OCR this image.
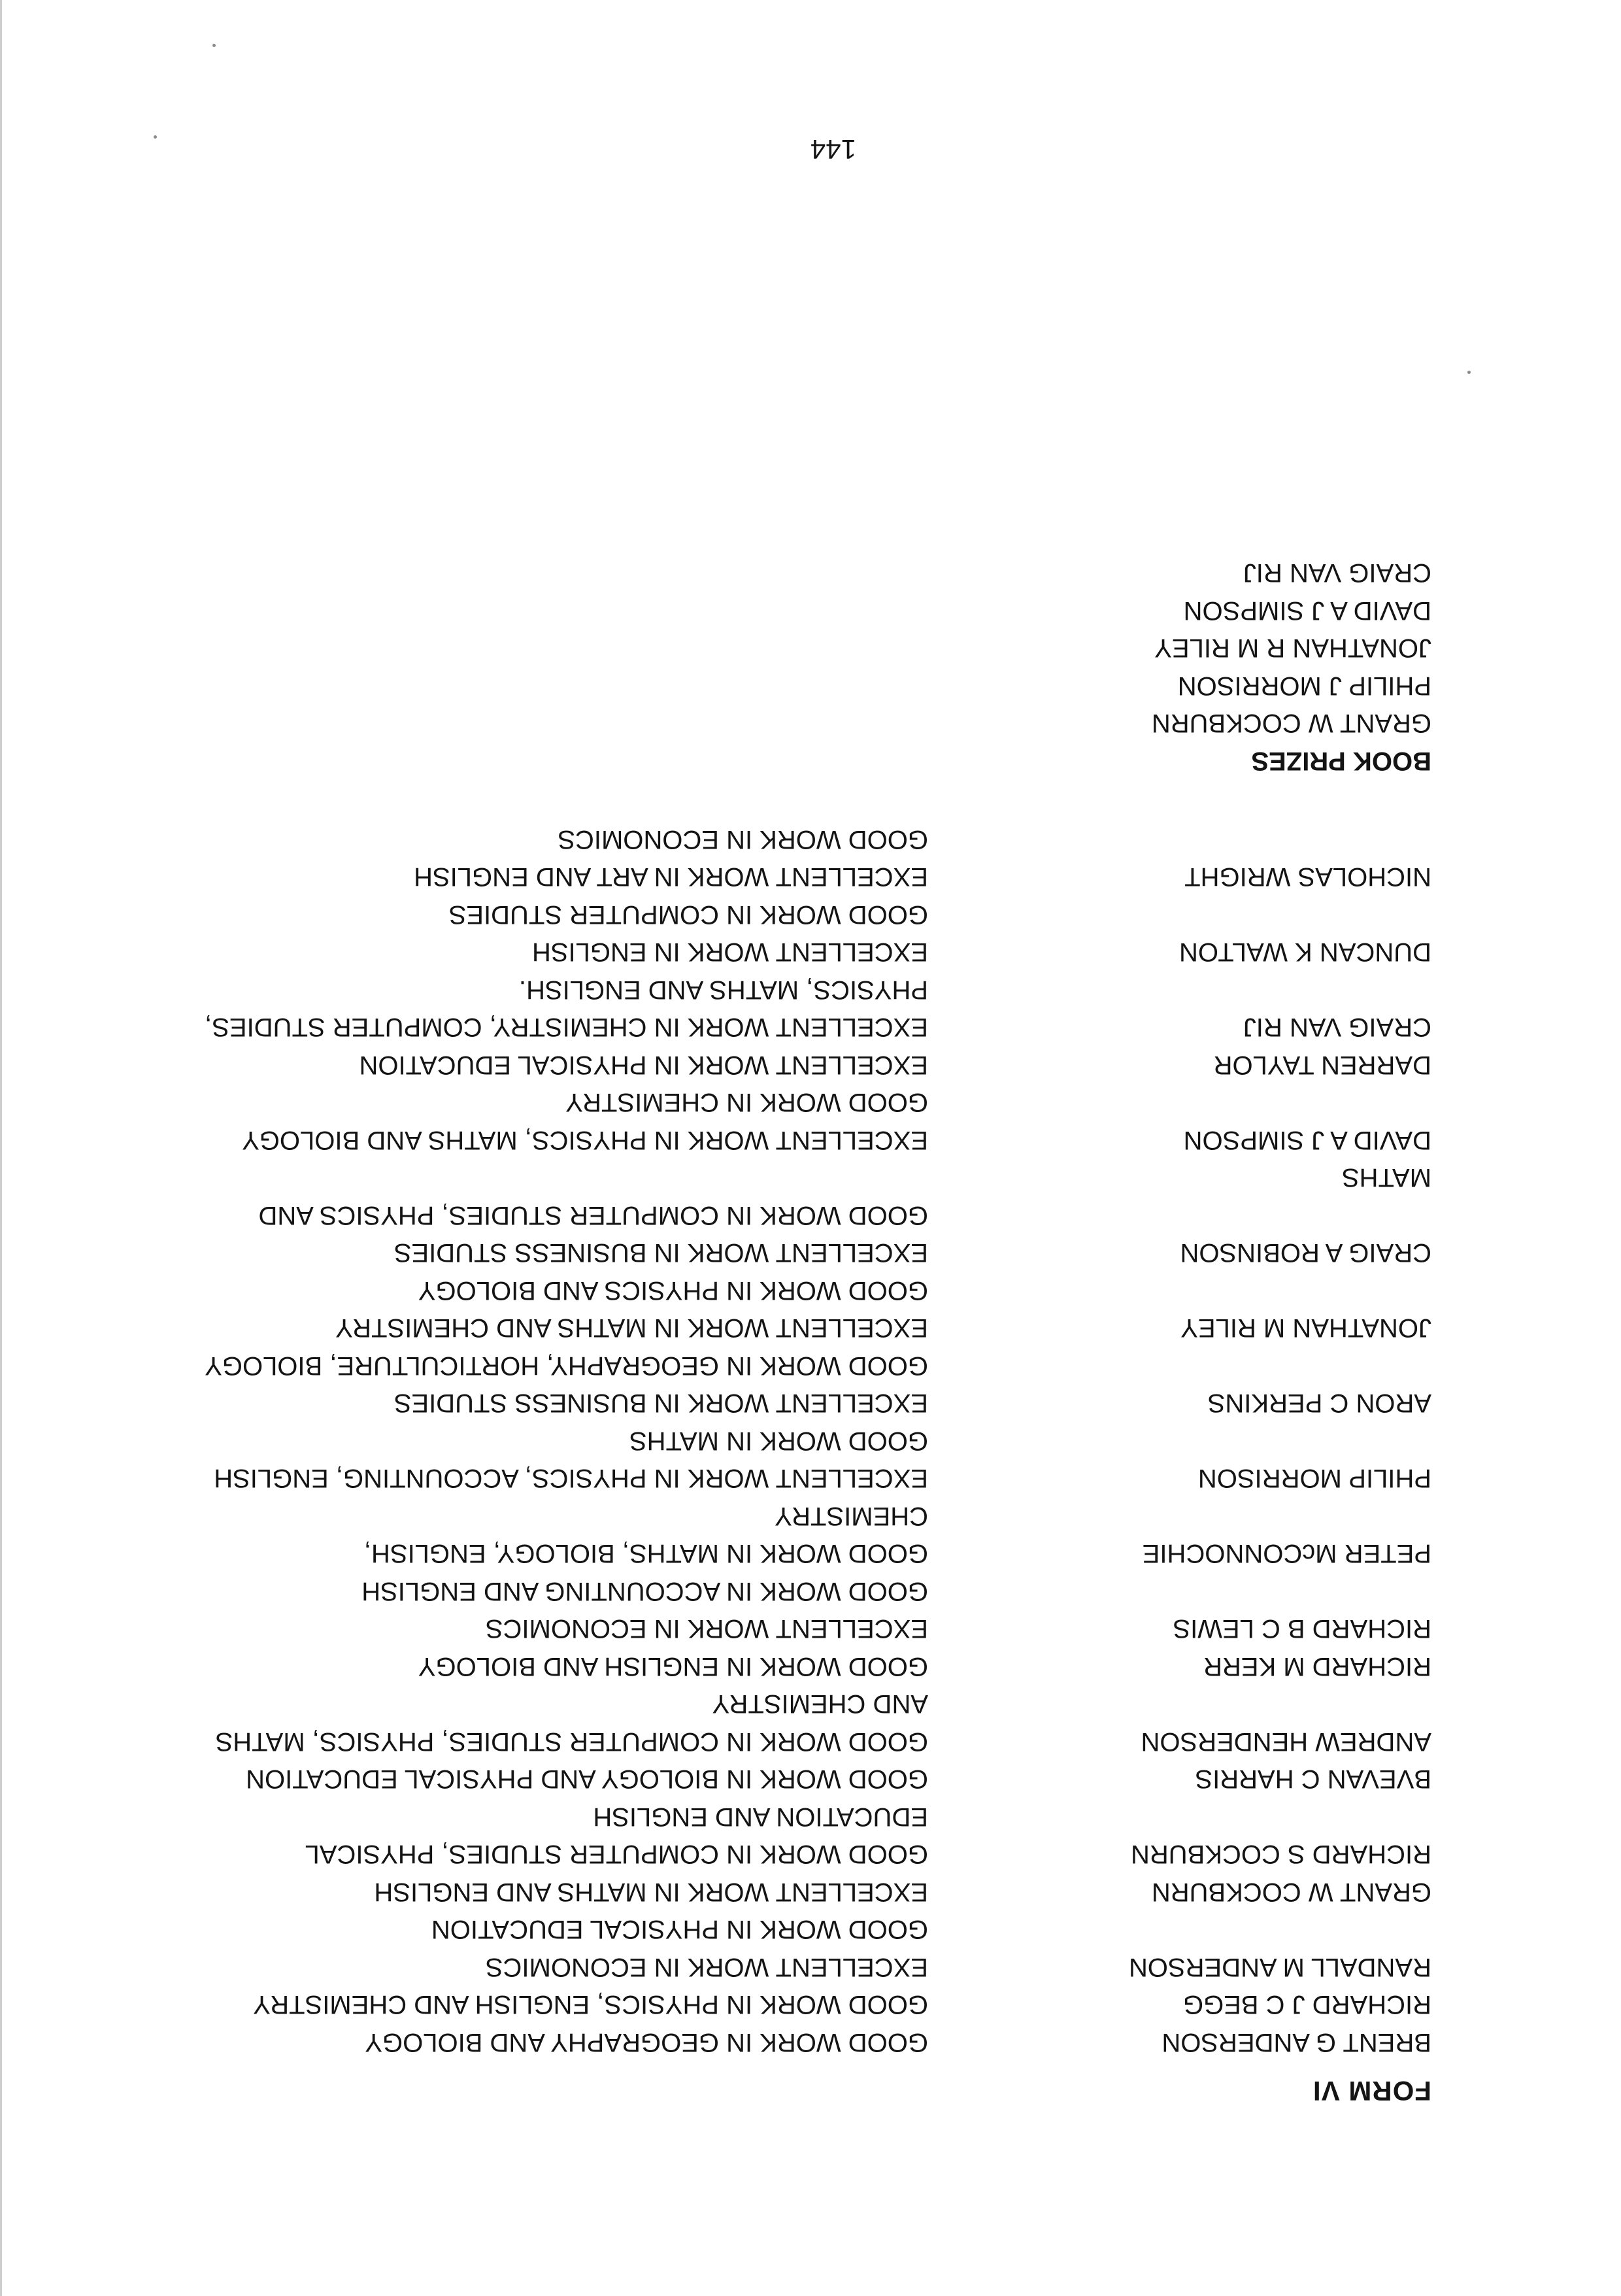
FORM VI
BRENT G ANDERSON
GOOD WORK IN GEOGRAPHY AND BIOLOGY
RICHARD J C BEGG
GOOD WORK IN PHYSICS, ENGLISH AND CHEMISTRY
RANDALL M ANDERSON
EXCELLENT WORK IN ECONOMICS

GOOD WORK IN PHYSICAL EDUCATION
GRANT W COCKBURN
EXCELLENT WORK IN MATHS AND ENGLISH
RICHARD S COCKBURN
GOOD WORK IN COMPUTER STUDIES, PHYSICAL
EDUCATION AND ENGLISH
BVEVAN C HARRIS
GOOD WORK IN BIOLOGY AND PHYSICAL EDUCATION
ANDREW HENDERSON
GOOD WORK IN COMPUTER STUDIES, PHYSICS, MATHS
AND CHEMISTRY
RICHARD M KERR
GOOD WORK IN ENGLISH AND BIOLOGY
RICHARD B C LEWIS
EXCELLENT WORK IN ECONOMICS
GOOD WORK IN ACCOUNTING AND ENGLISH
PETER McCONNOCHIE
GOOD WORK IN MATHS, BIOLOGY, ENGLISH,
CHEMISTRY
PHILIP MORRISON
EXCELLENT WORK IN PHYSICS, ACCOUNTING, ENGLISH
GOOD WORK IN MATHS
ARON C PERKINS
EXCELLENT WORK IN BUSINESS STUDIES
GOOD WORK IN GEOGRAPHY, HORTICULTURE, BIOLOGY
JONATHAN M RILEY
EXCELLENT WORK IN MATHS AND CHEMISTRY
GOOD WORK IN PHYSICS AND BIOLOGY
CRAIG A ROBINSON
EXCELLENT WORK IN BUSINESS STUDIES
GOOD WORK IN COMPUTER STUDIES, PHYSICS AND
MATHS
DAVID A J SIMPSON

EXCELLENT WORK IN PHYSICS, MATHS AND BIOLOGY
GOOD WORK IN CHEMISTRY
DARREN TAYLOR
CRAIG VAN RIJ
EXCELLENT WORK IN PHYSICAL EDUCATION
EXCELLENT WORK IN CHEMISTRY, COMPUTER STUDIES,
PHYSICS, MATHS AND ENGLISH.
DUNCAN K WALTON
EXCELLENT WORK IN ENGLISH
GOOD WORK IN COMPUTER STUDIES
NICHOLAS WRIGHT
EXCELLENT WORK IN ART AND ENGLISH
GOOD WORK IN ECONOMICS
BOOK PRIZES
GRANT W COCKBURN
PHILIP J MORRISON
JONATHAN R M RILEY
DAVID A J SIMPSON
CRAIG VAN RIJ
144
